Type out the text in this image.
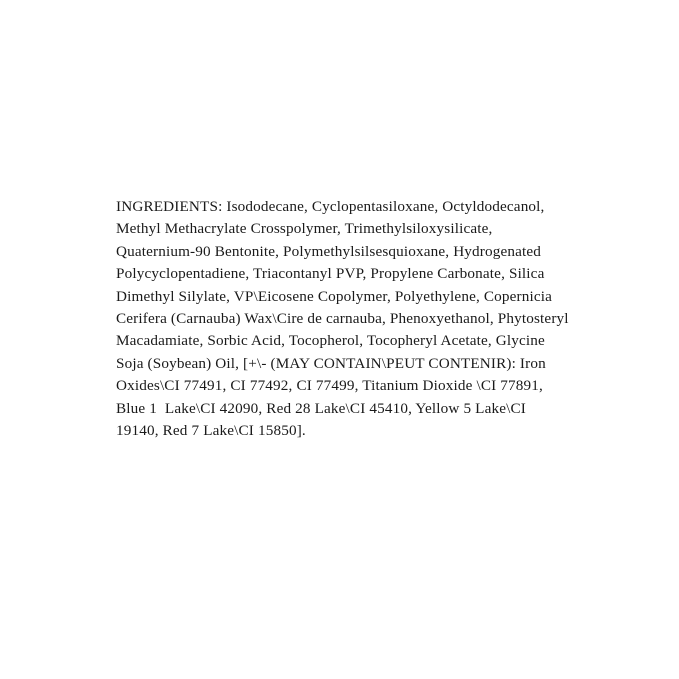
INGREDIENTS: Isododecane, Cyclopentasiloxane, Octyldodecanol, Methyl Methacrylate Crosspolymer, Trimethylsiloxysilicate, Quaternium-90 Bentonite, Polymethylsilsesquioxane, Hydrogenated Polycyclopentadiene, Triacontanyl PVP, Propylene Carbonate, Silica Dimethyl Silylate, VP\Eicosene Copolymer, Polyethylene, Copernicia Cerifera (Carnauba) Wax\Cire de carnauba, Phenoxyethanol, Phytosteryl Macadamiate, Sorbic Acid, Tocopherol, Tocopheryl Acetate, Glycine Soja (Soybean) Oil, [+\- (MAY CONTAIN\PEUT CONTENIR): Iron Oxides\CI 77491, CI 77492, CI 77499, Titanium Dioxide \CI 77891, Blue 1  Lake\CI 42090, Red 28 Lake\CI 45410, Yellow 5 Lake\CI 19140, Red 7 Lake\CI 15850].
